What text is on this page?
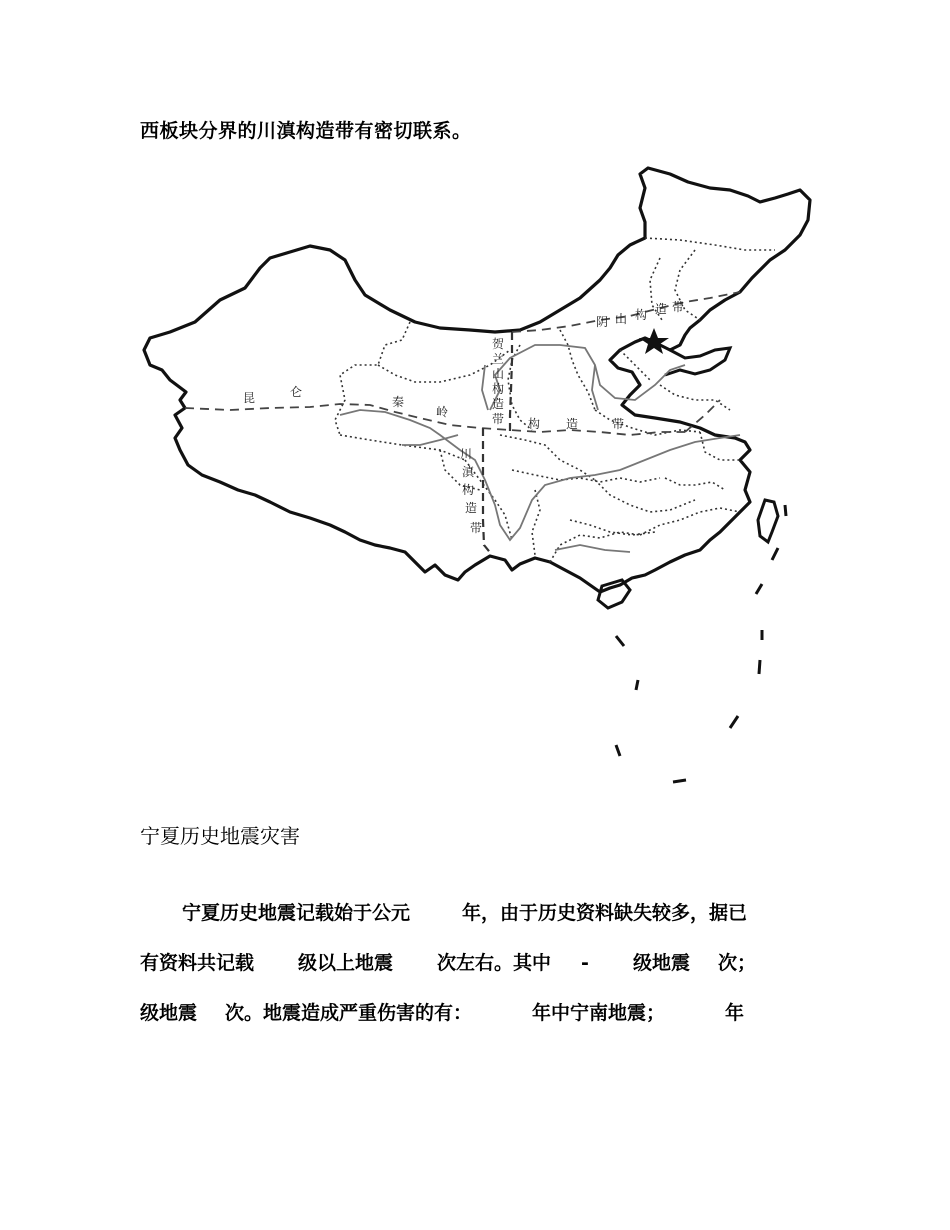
西板块分界的川滇构造带有密切联系。
昆	仑
秦
岭
贺
兰
山
构
造
带
阴 山 构 造 带
构 造	带
川
滇
构
造
带
宁夏历史地震灾害
宁夏历史地震记载始于公元	年，由于历史资料缺失较多，据已
有资料共记载 级以上地震 次左右。其中 - 级地震 次；
级地震 次。地震造成严重伤害的有：	年中宁南地震；	年
